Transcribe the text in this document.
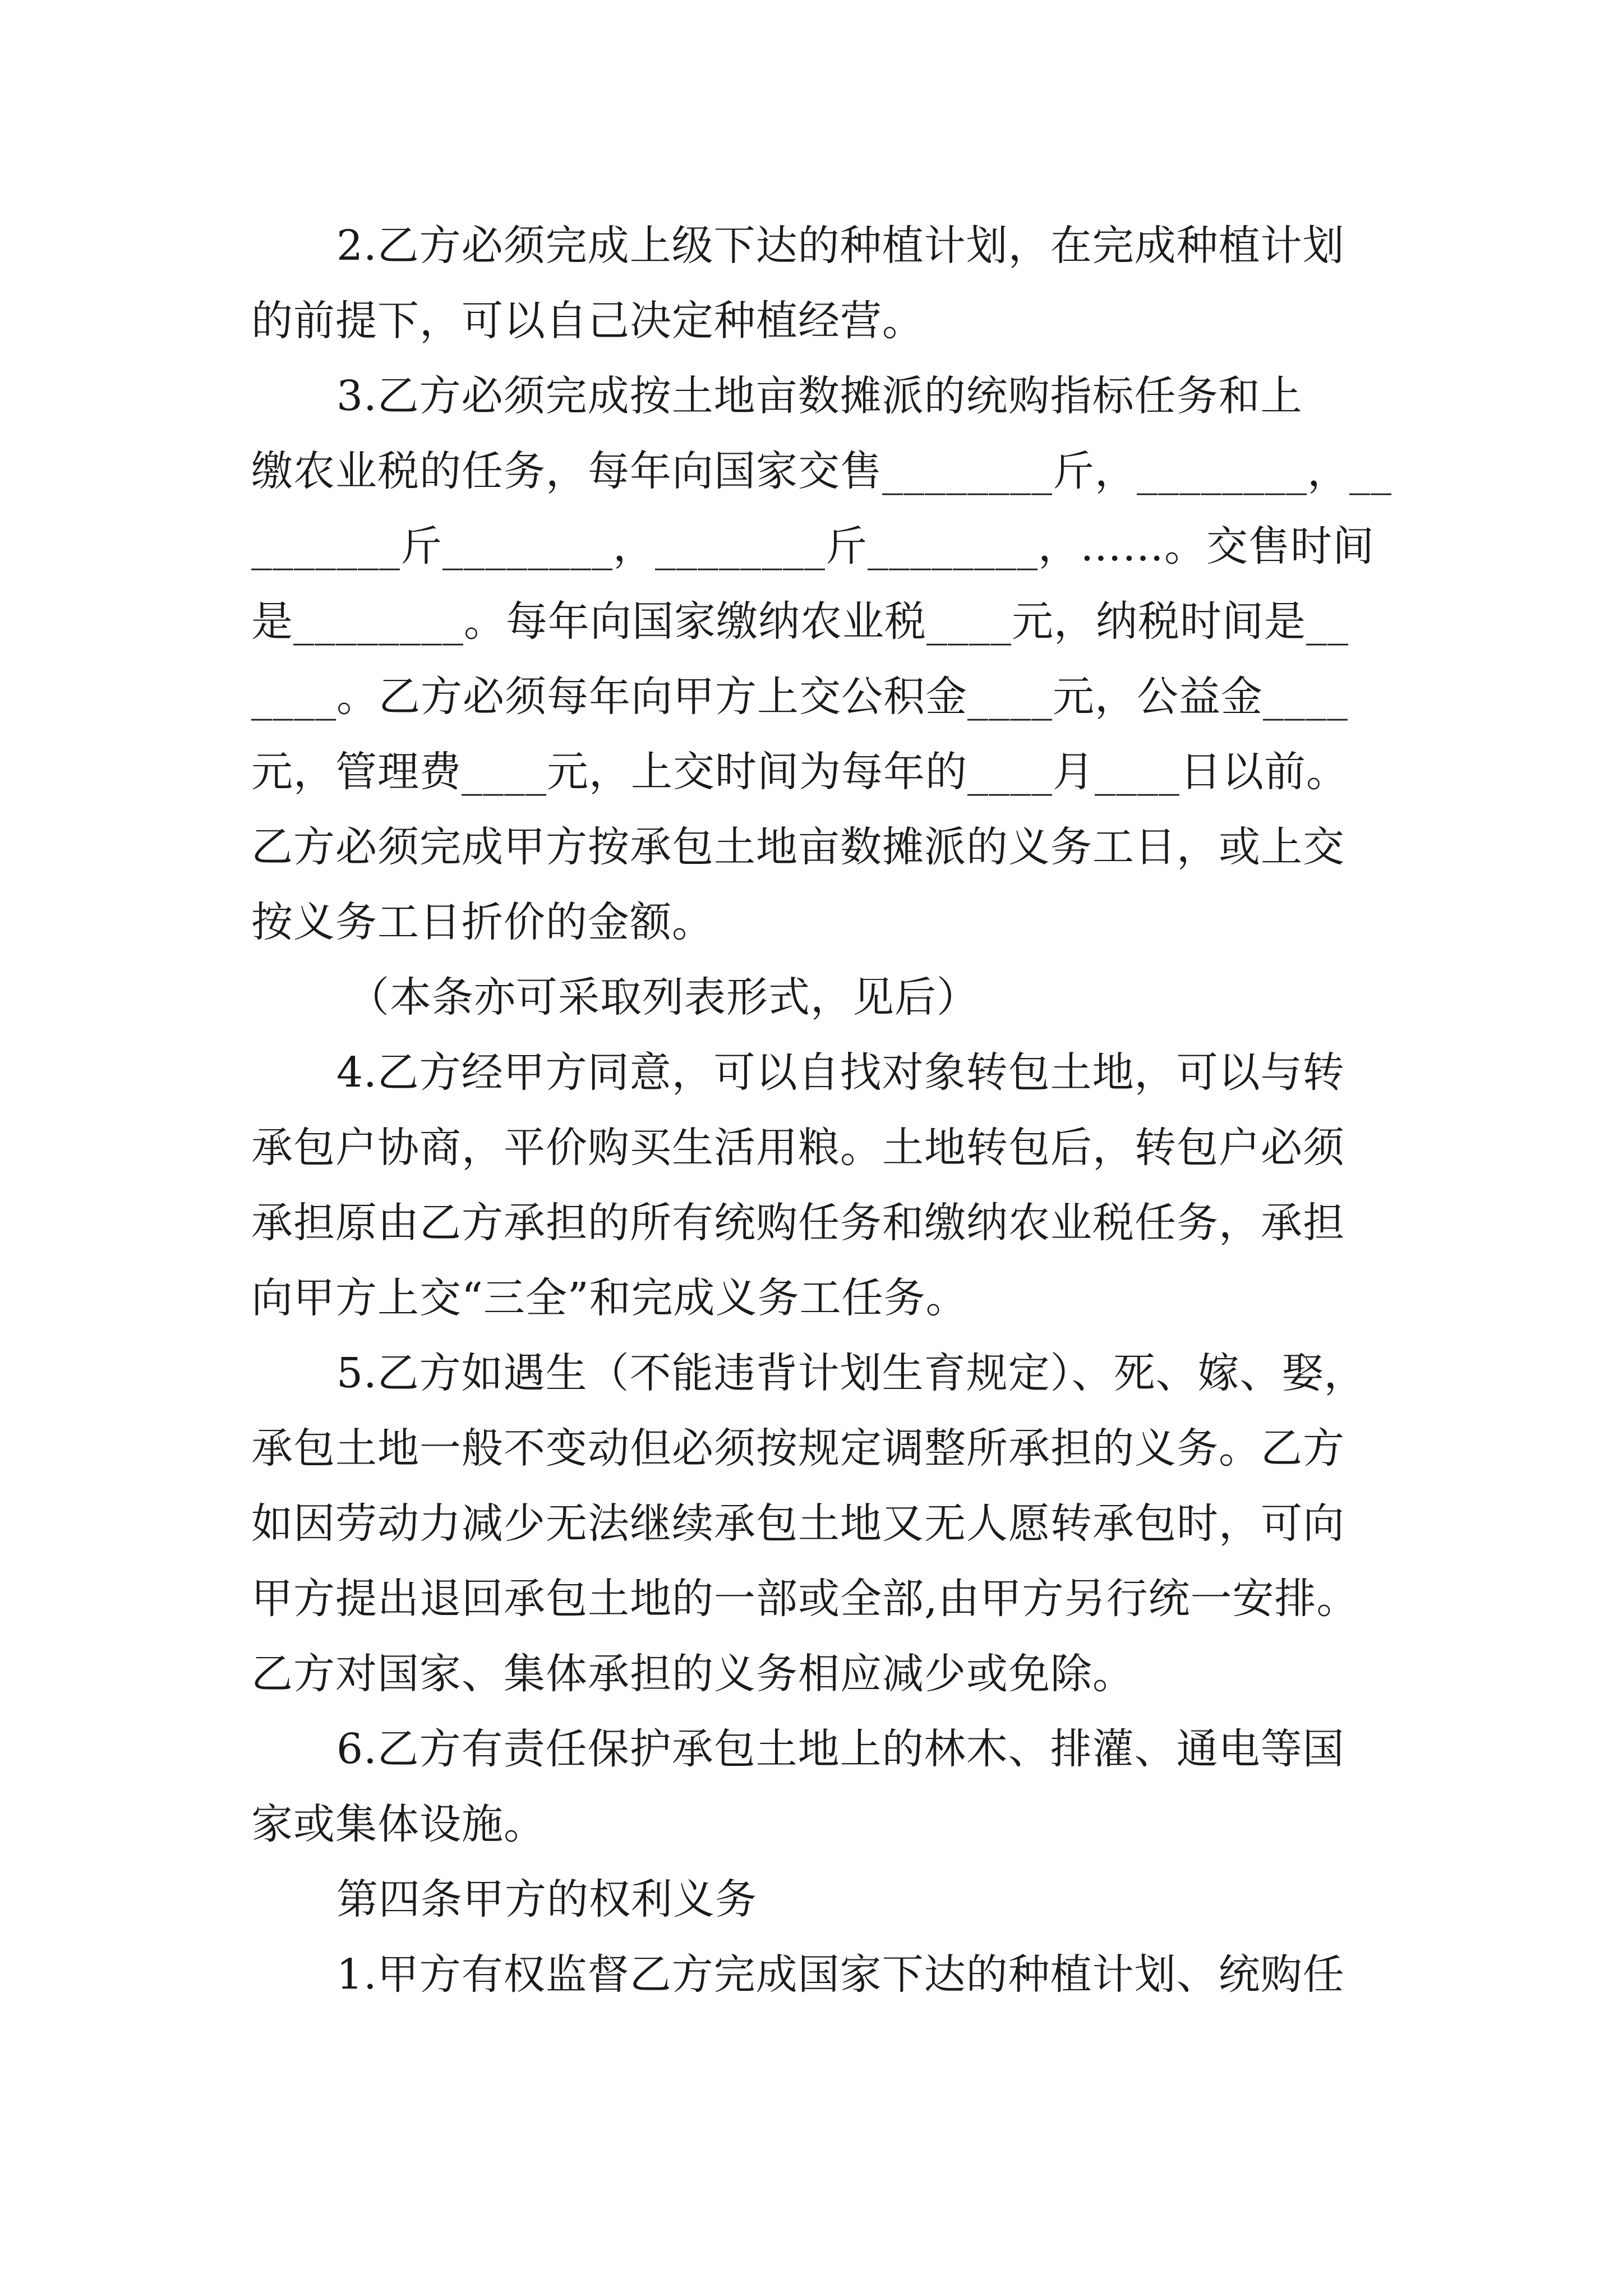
2.乙方必须完成上级下达的种植计划，在完成种植计划
的前提下，可以自己决定种植经营。
3.乙方必须完成按土地亩数摊派的统购指标任务和上
缴农业税的任务，每年向国家交售________斤，________，__
_______斤________，________斤________，……。交售时间
是________。每年向国家缴纳农业税____元，纳税时间是__
____。乙方必须每年向甲方上交公积金____元，公益金____
元，管理费____元，上交时间为每年的____月____日以前。
乙方必须完成甲方按承包土地亩数摊派的义务工日，或上交
按义务工日折价的金额。
（本条亦可采取列表形式，见后）
4.乙方经甲方同意，可以自找对象转包土地，可以与转
承包户协商，平价购买生活用粮。土地转包后，转包户必须
承担原由乙方承担的所有统购任务和缴纳农业税任务，承担
向甲方上交“三全”和完成义务工任务。
5.乙方如遇生（不能违背计划生育规定）、死、嫁、娶，
承包土地一般不变动但必须按规定调整所承担的义务。乙方
如因劳动力减少无法继续承包土地又无人愿转承包时，可向
甲方提出退回承包土地的一部或全部,由甲方另行统一安排。
乙方对国家、集体承担的义务相应减少或免除。
6.乙方有责任保护承包土地上的林木、排灌、通电等国
家或集体设施。
第四条甲方的权利义务
1.甲方有权监督乙方完成国家下达的种植计划、统购任
